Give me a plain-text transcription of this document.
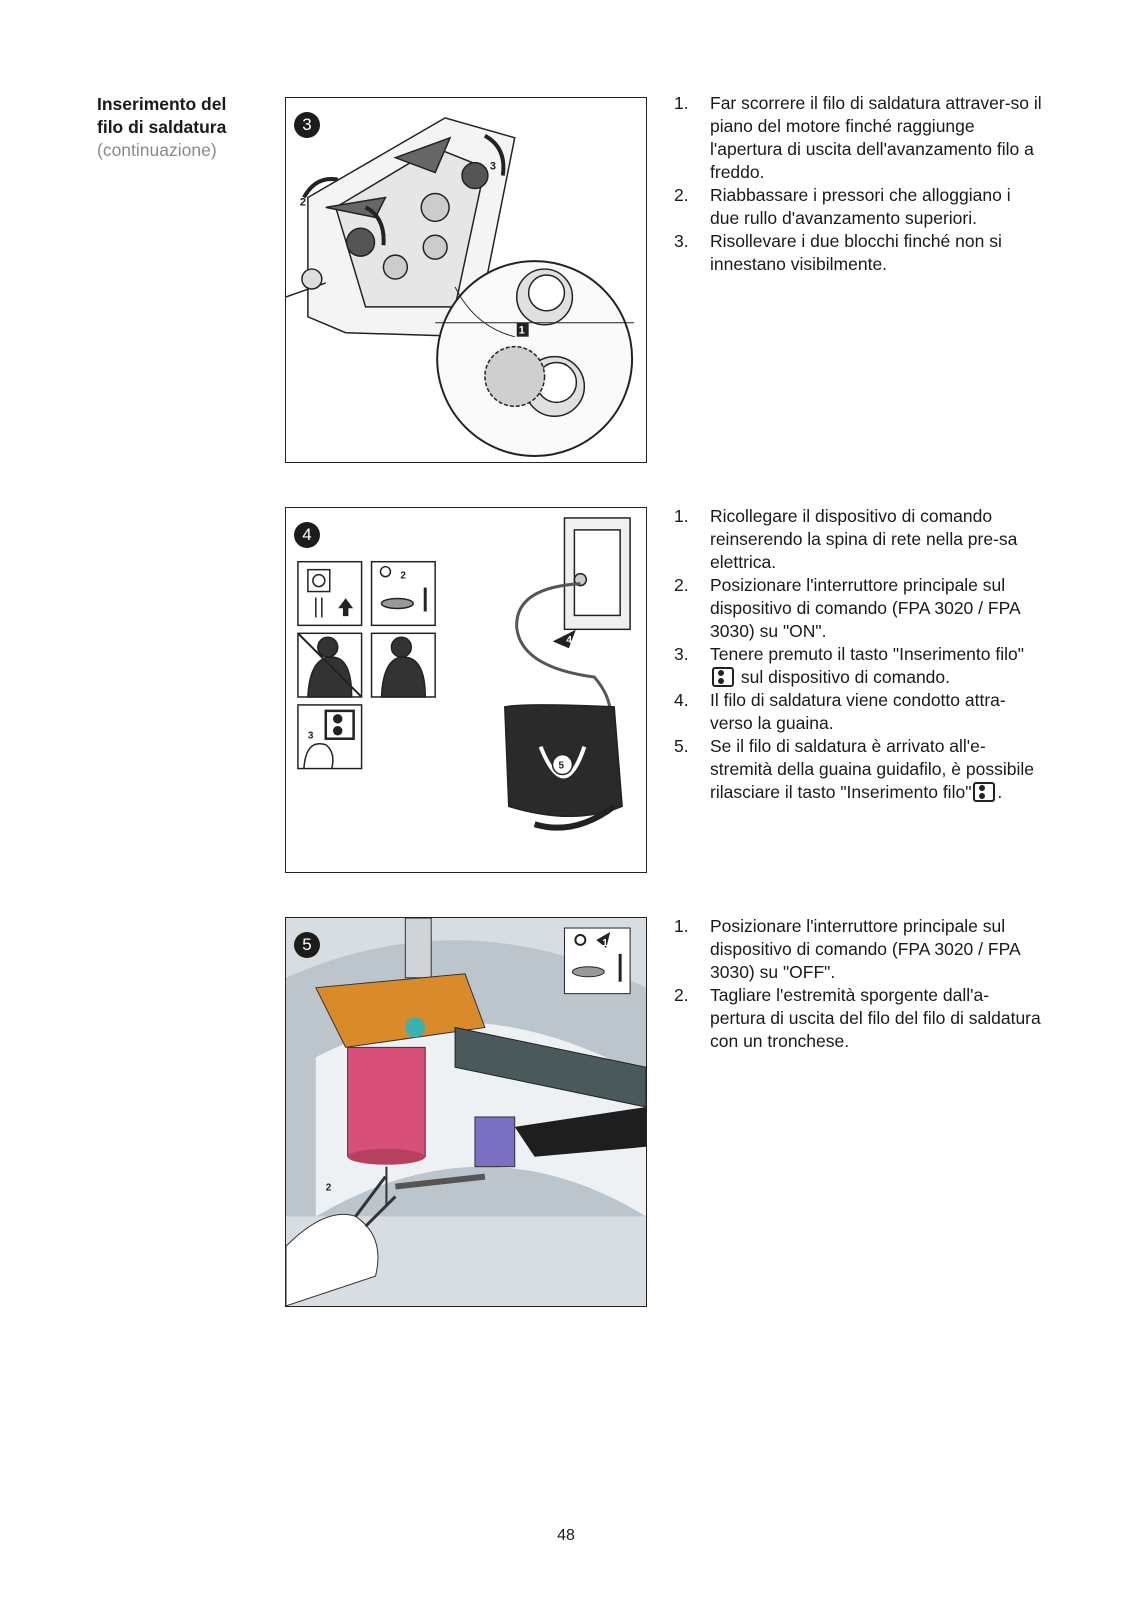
Inserimento del
filo di saldatura
(continuazione)
2
3
1
3
2
3
4
5
4
1
2
5
1. Far scorrere il filo di saldatura attraver-so il piano del motore finché raggiunge l'apertura di uscita dell'avanzamento filo a freddo.
2. Riabbassare i pressori che alloggiano i due rullo d'avanzamento superiori.
3. Risollevare i due blocchi finché non si innestano visibilmente.
1. Ricollegare il dispositivo di comando reinserendo la spina di rete nella pre-sa elettrica.
2. Posizionare l'interruttore principale sul dispositivo di comando (FPA 3020 / FPA 3030) su "ON".
3. Tenere premuto il tasto "Inserimento filo" sul dispositivo di comando.
4. Il filo di saldatura viene condotto attra-verso la guaina.
5. Se il filo di saldatura è arrivato all'e-stremità della guaina guidafilo, è possibile rilasciare il tasto "Inserimento filo" .
1. Posizionare l'interruttore principale sul dispositivo di comando (FPA 3020 / FPA 3030) su "OFF".
2. Tagliare l'estremità sporgente dall'a-pertura di uscita del filo del filo di saldatura con un tronchese.
48
